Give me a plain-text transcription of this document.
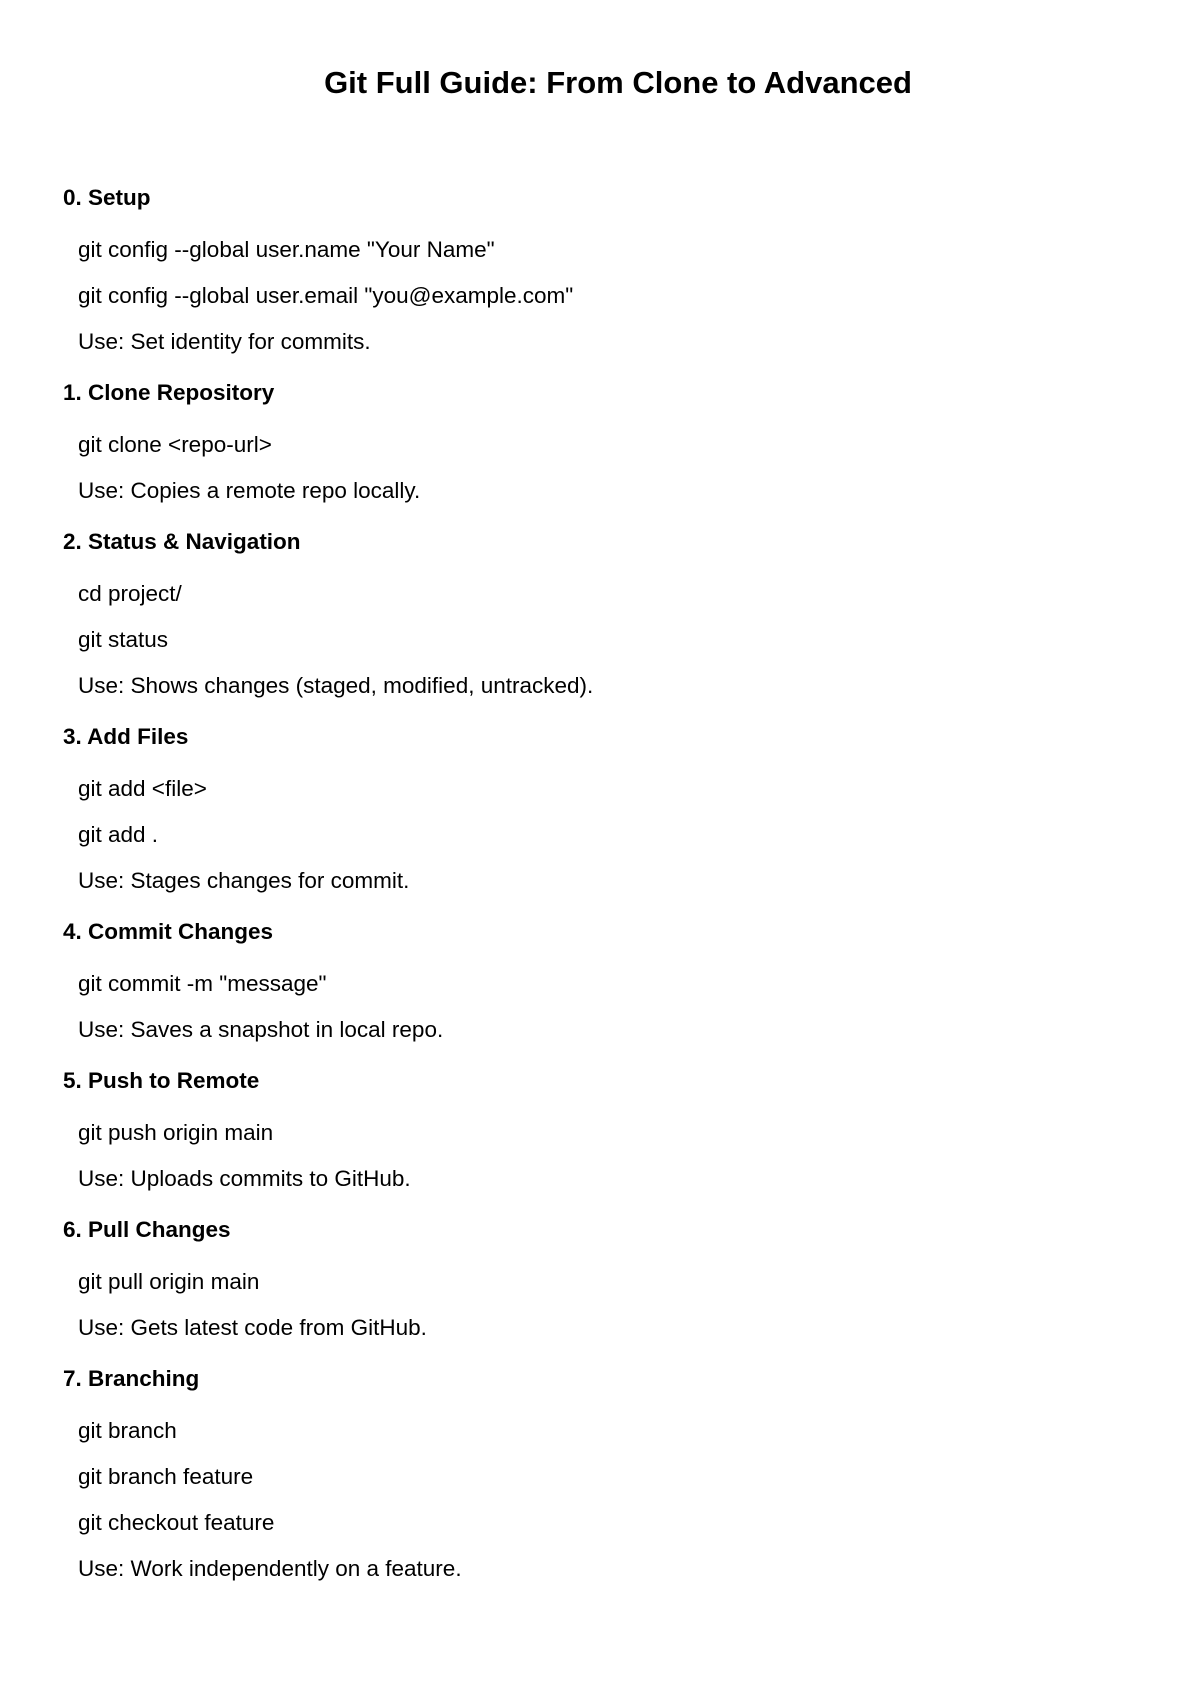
Git Full Guide: From Clone to Advanced
0. Setup
git config --global user.name "Your Name"
git config --global user.email "you@example.com"
Use: Set identity for commits.
1. Clone Repository
git clone <repo-url>
Use: Copies a remote repo locally.
2. Status & Navigation
cd project/
git status
Use: Shows changes (staged, modified, untracked).
3. Add Files
git add <file>
git add .
Use: Stages changes for commit.
4. Commit Changes
git commit -m "message"
Use: Saves a snapshot in local repo.
5. Push to Remote
git push origin main
Use: Uploads commits to GitHub.
6. Pull Changes
git pull origin main
Use: Gets latest code from GitHub.
7. Branching
git branch
git branch feature
git checkout feature
Use: Work independently on a feature.
